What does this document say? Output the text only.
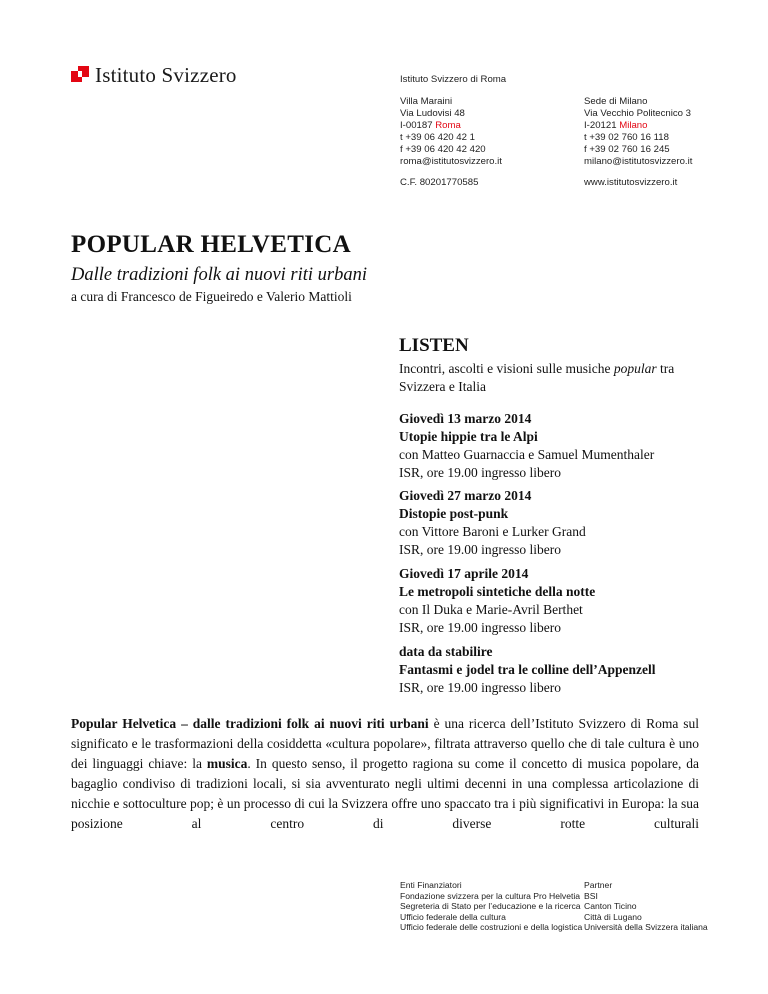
Istituto Svizzero	Istituto Svizzero di Roma
Villa Maraini
Via Ludovisi 48
I-00187 Roma
t +39 06 420 42 1
f +39 06 420 42 420
roma@istitutosvizzero.it
Sede di Milano
Via Vecchio Politecnico 3
I-20121 Milano
t +39 02 760 16 118
f +39 02 760 16 245
milano@istitutosvizzero.it
C.F. 80201770585	www.istitutosvizzero.it
POPULAR HELVETICA
Dalle tradizioni folk ai nuovi riti urbani
a cura di Francesco de Figueiredo e Valerio Mattioli
LISTEN
Incontri, ascolti e visioni sulle musiche popular tra Svizzera e Italia
Giovedì 13 marzo 2014
Utopie hippie tra le Alpi
con Matteo Guarnaccia e Samuel Mumenthaler
ISR, ore 19.00 ingresso libero
Giovedì 27 marzo 2014
Distopie post-punk
con Vittore Baroni e Lurker Grand
ISR, ore 19.00 ingresso libero
Giovedì 17 aprile 2014
Le metropoli sintetiche della notte
con Il Duka e Marie-Avril Berthet
ISR, ore 19.00 ingresso libero
data da stabilire
Fantasmi e jodel tra le colline dell’Appenzell
ISR, ore 19.00 ingresso libero
Popular Helvetica – dalle tradizioni folk ai nuovi riti urbani è una ricerca dell’Istituto Svizzero di Roma sul significato e le trasformazioni della cosiddetta «cultura popolare», filtrata attraverso quello che di tale cultura è uno dei linguaggi chiave: la musica. In questo senso, il progetto ragiona su come il concetto di musica popolare, da bagaglio condiviso di tradizioni locali, si sia avventurato negli ultimi decenni in una complessa articolazione di nicchie e sottoculture pop; è un processo di cui la Svizzera offre uno spaccato tra i più significativi in Europa: la sua posizione al centro di diverse rotte culturali
Enti Finanziatori
Fondazione svizzera per la cultura Pro Helvetia
Segreteria di Stato per l’educazione e la ricerca
Ufficio federale della cultura
Ufficio federale delle costruzioni e della logistica
Partner
BSI
Canton Ticino
Città di Lugano
Università della Svizzera italiana
